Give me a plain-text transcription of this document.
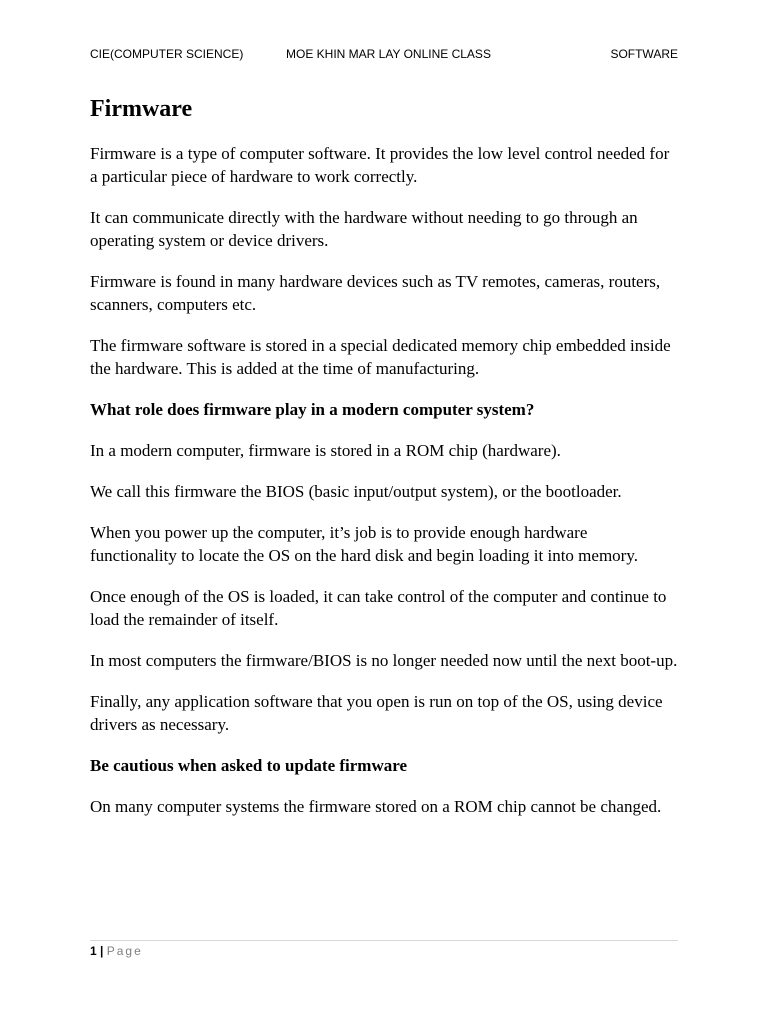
CIE(COMPUTER SCIENCE)	MOE KHIN MAR LAY ONLINE CLASS	SOFTWARE
Firmware

Firmware is a type of computer software. It provides the low level control needed for a particular piece of hardware to work correctly.

It can communicate directly with the hardware without needing to go through an operating system or device drivers.

Firmware is found in many hardware devices such as TV remotes, cameras, routers, scanners, computers etc.

The firmware software is stored in a special dedicated memory chip embedded inside the hardware. This is added at the time of manufacturing.

What role does firmware play in a modern computer system?

In a modern computer, firmware is stored in a ROM chip (hardware).

We call this firmware the BIOS (basic input/output system), or the bootloader.

When you power up the computer, it’s job is to provide enough hardware functionality to locate the OS on the hard disk and begin loading it into memory.

Once enough of the OS is loaded, it can take control of the computer and continue to load the remainder of itself.

In most computers the firmware/BIOS is no longer needed now until the next boot-up.

Finally, any application software that you open is run on top of the OS, using device drivers as necessary.

Be cautious when asked to update firmware

On many computer systems the firmware stored on a ROM chip cannot be changed.

1 | Page
